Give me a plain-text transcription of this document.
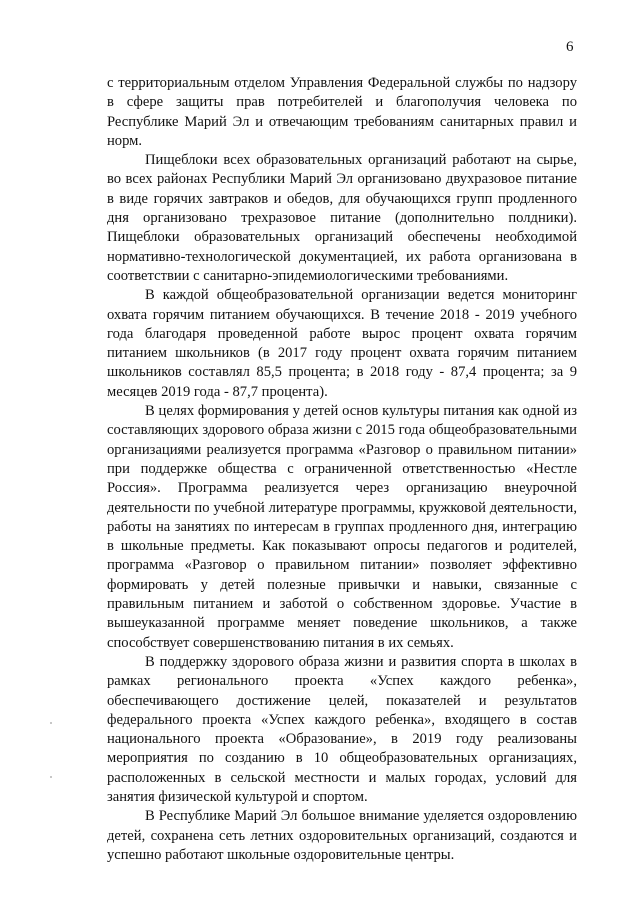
6

с территориальным отделом Управления Федеральной службы по надзору в сфере защиты прав потребителей и благополучия человека по Республике Марий Эл и отвечающим требованиям санитарных правил и норм.

Пищеблоки всех образовательных организаций работают на сырье, во всех районах Республики Марий Эл организовано двухразовое питание в виде горячих завтраков и обедов, для обучающихся групп продленного дня организовано трехразовое питание (дополнительно полдники). Пищеблоки образовательных организаций обеспечены необходимой нормативно-технологической документацией, их работа организована в соответствии с санитарно-эпидемиологическими требованиями.

В каждой общеобразовательной организации ведется мониторинг охвата горячим питанием обучающихся. В течение 2018 - 2019 учебного года благодаря проведенной работе вырос процент охвата горячим питанием школьников (в 2017 году процент охвата горячим питанием школьников составлял 85,5 процента; в 2018 году - 87,4 процента; за 9 месяцев 2019 года - 87,7 процента).

В целях формирования у детей основ культуры питания как одной из составляющих здорового образа жизни с 2015 года общеобразовательными организациями реализуется программа «Разговор о правильном питании» при поддержке общества с ограниченной ответственностью «Нестле Россия». Программа реализуется через организацию внеурочной деятельности по учебной литературе программы, кружковой деятельности, работы на занятиях по интересам в группах продленного дня, интеграцию в школьные предметы. Как показывают опросы педагогов и родителей, программа «Разговор о правильном питании» позволяет эффективно формировать у детей полезные привычки и навыки, связанные с правильным питанием и заботой о собственном здоровье. Участие в вышеуказанной программе меняет поведение школьников, а также способствует совершенствованию питания в их семьях.

В поддержку здорового образа жизни и развития спорта в школах в рамках регионального проекта «Успех каждого ребенка», обеспечивающего достижение целей, показателей и результатов федерального проекта «Успех каждого ребенка», входящего в состав национального проекта «Образование», в 2019 году реализованы мероприятия по созданию в 10 общеобразовательных организациях, расположенных в сельской местности и малых городах, условий для занятия физической культурой и спортом.

В Республике Марий Эл большое внимание уделяется оздоровлению детей, сохранена сеть летних оздоровительных организаций, создаются и успешно работают школьные оздоровительные центры.
